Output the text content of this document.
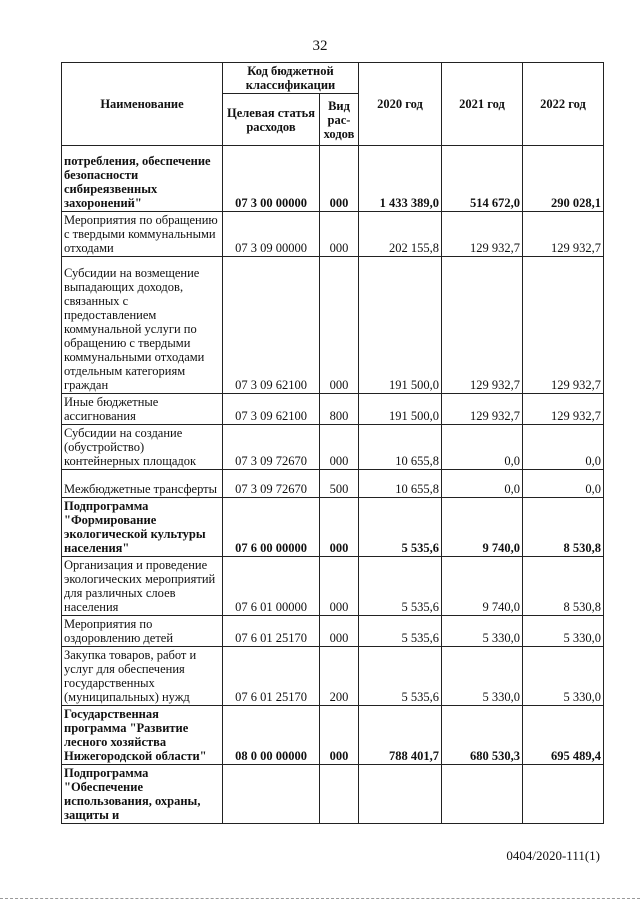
32
Наименование	Код бюджетной классификации		2020 год	2021 год	2022 год
	Целевая статья расходов	Вид рас-ходов			
потребления, обеспечение безопасности сибиреязвенных захоронений"	07 3 00 00000	000	1 433 389,0	514 672,0	290 028,1
Мероприятия по обращению с твердыми коммунальными отходами	07 3 09 00000	000	202 155,8	129 932,7	129 932,7
Субсидии на возмещение выпадающих доходов, связанных с предоставлением коммунальной услуги по обращению с твердыми коммунальными отходами отдельным категориям граждан	07 3 09 62100	000	191 500,0	129 932,7	129 932,7
Иные бюджетные ассигнования	07 3 09 62100	800	191 500,0	129 932,7	129 932,7
Субсидии на создание (обустройство) контейнерных площадок	07 3 09 72670	000	10 655,8	0,0	0,0
Межбюджетные трансферты	07 3 09 72670	500	10 655,8	0,0	0,0
Подпрограмма "Формирование экологической культуры населения"	07 6 00 00000	000	5 535,6	9 740,0	8 530,8
Организация и проведение экологических мероприятий для различных слоев населения	07 6 01 00000	000	5 535,6	9 740,0	8 530,8
Мероприятия по оздоровлению детей	07 6 01 25170	000	5 535,6	5 330,0	5 330,0
Закупка товаров, работ и услуг для обеспечения государственных (муниципальных) нужд	07 6 01 25170	200	5 535,6	5 330,0	5 330,0
Государственная программа "Развитие лесного хозяйства Нижегородской области"	08 0 00 00000	000	788 401,7	680 530,3	695 489,4
Подпрограмма "Обеспечение использования, охраны, защиты и					
0404/2020-111(1)
